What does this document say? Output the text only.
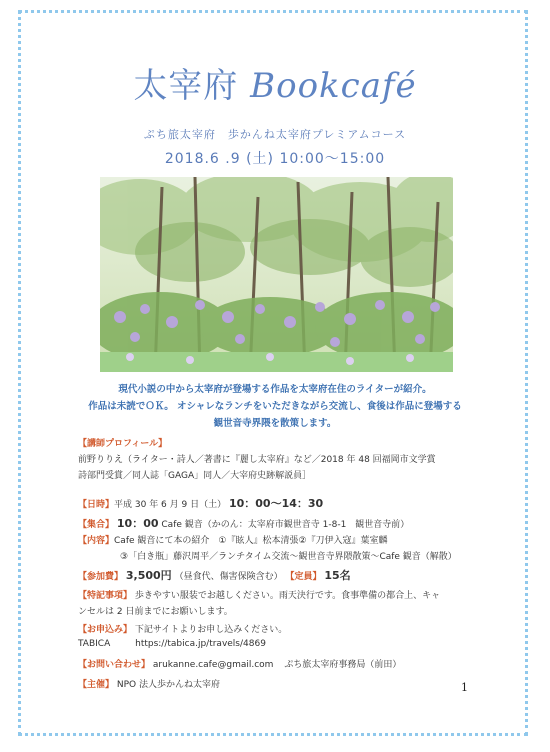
太宰府 Bookcafé
ぷち旅太宰府　歩かんね太宰府プレミアムコース
2018.6 .9 (土) 10:00～15:00
現代小説の中から太宰府が登場する作品を太宰府在住のライターが紹介。
作品は未読でＯＫ。 オシャレなランチをいただきながら交流し、食後は作品に登場する
観世音寺界隈を散策します。
【講師プロフィール】
前野りりえ（ライター・詩人／著書に『麗し太宰府』など／2018 年 48 回福岡市文学賞
詩部門受賞／同人誌「GAGA」同人／大宰府史跡解説員］
【日時】平成 30 年 6 月 9 日（土） 10：00～14：30
【集合】 10：00 Cafe 観音（かのん：太宰府市観世音寺 1-8-1　観世音寺前）
【内容】Cafe 観音にて本の紹介　①『眩人』松本清張②『刀伊入寇』葉室麟
③「白き瓶」藤沢周平／ランチタイム交流～観世音寺界隈散策～Cafe 観音（解散）
【参加費】 3,500円 （昼食代、傷害保険含む） 【定員】 15名
【特記事項】 歩きやすい服装でお越しください。雨天決行です。食事準備の都合上、キャ
ンセルは 2 日前までにお願いします。
【お申込み】 下記サイトよりお申し込みください。
TABICA	https://tabica.jp/travels/4869
【お問い合わせ】 arukanne.cafe@gmail.com ぷち旅太宰府事務局（前田）
【主催】 NPO 法人歩かんね太宰府	1
